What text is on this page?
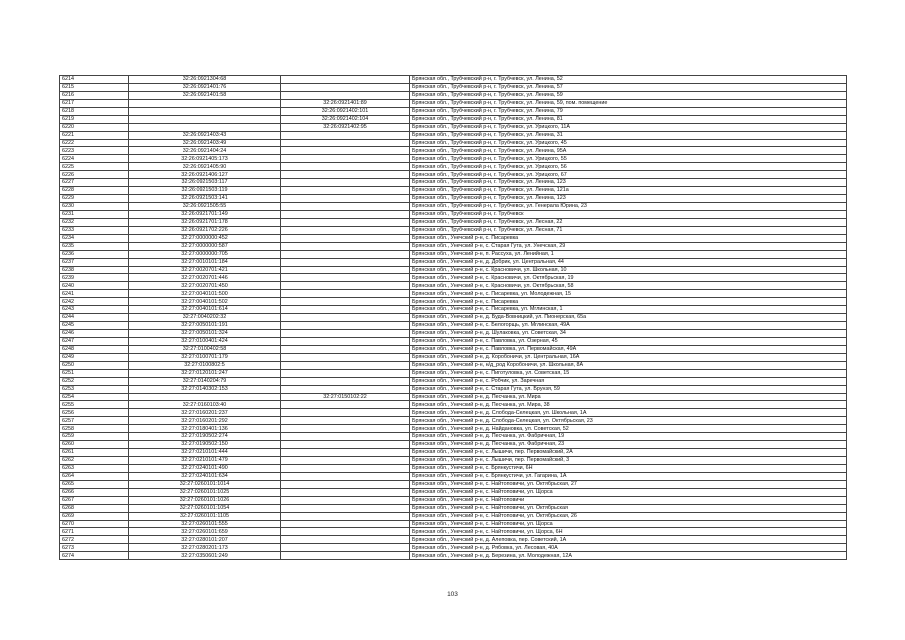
6214	32:26:0921304:68		Брянская обл., Трубчевский р-н, г. Трубчевск, ул. Ленина, 52
6215	32:26:0921401:76		Брянская обл., Трубчевский р-н, г. Трубчевск, ул. Ленина, 57
6216	32:26:0921401:58		Брянская обл., Трубчевский р-н, г. Трубчевск, ул. Ленина, 59
6217		32:26:0921401:89	Брянская обл., Трубчевский р-н, г. Трубчевск, ул. Ленина, 59, пом. помещение
6218		32:26:0921402:101	Брянская обл., Трубчевский р-н, г. Трубчевск, ул. Ленина, 79
6219		32:26:0921402:104	Брянская обл., Трубчевский р-н, г. Трубчевск, ул. Ленина, 81
6220		32:26:0921402:95	Брянская обл., Трубчевский р-н, г. Трубчевск, ул. Урицкого, 11А
6221	32:26:0921403:43		Брянская обл., Трубчевский р-н, г. Трубчевск, ул. Ленина, 31
6222	32:26:0921403:49		Брянская обл., Трубчевский р-н, г. Трубчевск, ул. Урицкого, 45
6223	32:26:0921404:24		Брянская обл., Трубчевский р-н, г. Трубчевск, ул. Ленина, 95А
6224	32:26:0921405:173		Брянская обл., Трубчевский р-н, г. Трубчевск, ул. Урицкого, 55
6225	32:26:0921405:90		Брянская обл., Трубчевский р-н, г. Трубчевск, ул. Урицкого, 56
6226	32:26:0921406:127		Брянская обл., Трубчевский р-н, г. Трубчевск, ул. Урицкого, 67
6227	32:26:0921503:117		Брянская обл., Трубчевский р-н, г. Трубчевск, ул. Ленина, 123
6228	32:26:0921503:119		Брянская обл., Трубчевский р-н, г. Трубчевск, ул. Ленина, 121а
6229	32:26:0921503:141		Брянская обл., Трубчевский р-н, г. Трубчевск, ул. Ленина, 123
6230	32:26:0921505:55		Брянская обл., Трубчевский р-н, г. Трубчевск, ул. Генерала Юрина, 23
6231	32:26:0921701:149		Брянская обл., Трубчевский р-н, г. Трубчевск
6232	32:26:0921701:178		Брянская обл., Трубчевский р-н, г. Трубчевск, ул. Лесная, 22
6233	32:26:0921702:226		Брянская обл., Трубчевский р-н, г. Трубчевск, ул. Лесная, 71
6234	32:27:0000000:452		Брянская обл., Унечский р-н, с. Писаревка
6235	32:27:0000000:587		Брянская обл., Унечский р-н, с. Старая Гута, ул. Унечская, 29
6236	32:27:0000000:705		Брянская обл., Унечский р-н, п. Рассуха, ул. Ленийная, 1
6237	32:27:0010101:184		Брянская обл., Унечский р-н, д. Добрик, ул. Центральная, 44
6238	32:27:0020701:421		Брянская обл., Унечский р-н, с. Красновичи, ул. Школьная, 10
6239	32:27:0020701:446		Брянская обл., Унечский р-н, с. Красновичи, ул. Октябрьская, 19
6240	32:27:0020701:450		Брянская обл., Унечский р-н, с. Красновичи, ул. Октябрьская, 58
6241	32:27:0040101:500		Брянская обл., Унечский р-н, с. Писаревка, ул. Молодежная, 15
6242	32:27:0040101:502		Брянская обл., Унечский р-н, с. Писаревка
6243	32:27:0040101:614		Брянская обл., Унечский р-н, с. Писаревка, ул. Мглинская, 1
6244	32:27:0040202:32		Брянская обл., Унечский р-н, д. Буда-Вовницкий, ул. Пионерская, 65а
6245	32:27:0050101:191		Брянская обл., Унечский р-н, с. Белогорщь, ул. Мглинская, 49А
6246	32:27:0050101:324		Брянская обл., Унечский р-н, д. Шулаковка, ул. Советская, 34
6247	32:27:0100401:424		Брянская обл., Унечский р-н, с. Павловка, ул. Озерная, 45
6248	32:27:0100402:58		Брянская обл., Унечский р-н, с. Павловка, ул. Первомайская, 49А
6249	32:27:0100701:179		Брянская обл., Унечский р-н, д. Коробоничи, ул. Центральная, 16А
6250	32:27:0100802:5		Брянская обл., Унечский р-н, н/д_род Коробоничи, ул. Школьная, 8А
6251	32:27:0120101:247		Брянская обл., Унечский р-н, с. Пиготуловка, ул. Советская, 15
6252	32:27:0140204:79		Брянская обл., Унечский р-н, с. Робчик, ул. Заречная
6253	32:27:0140302:153		Брянская обл., Унечский р-н, с. Старая Гута, ул. Брунзя, 59
6254		32:27:0150102:22	Брянская обл., Унечский р-н, д. Песчанка, ул. Мира
6255	32:27:0160103:40		Брянская обл., Унечский р-н, д. Песчанка, ул. Мира, 38
6256	32:27:0160201:237		Брянская обл., Унечский р-н, д. Слобода-Селецкая, ул. Школьная, 1А
6257	32:27:0160201:292		Брянская обл., Унечский р-н, д. Слобода-Селецкая, ул. Октябрьская, 23
6258	32:27:0180401:136		Брянская обл., Унечский р-н, д. Найдановка, ул. Советская, 52
6259	32:27:0190502:274		Брянская обл., Унечский р-н, д. Песчанка, ул. Фабричная, 19
6260	32:27:0190502:150		Брянская обл., Унечский р-н, д. Песчанка, ул. Фабричная, 23
6261	32:27:0210101:444		Брянская обл., Унечский р-н, с. Лышичи, пер. Первомайский, 2А
6262	32:27:0210101:479		Брянская обл., Унечский р-н, с. Лышичи, пер. Первомайский, 3
6263	32:27:0240101:490		Брянская обл., Унечский р-н, с. Брянкустичи, 6Н
6264	32:27:0240101:634		Брянская обл., Унечский р-н, с. Брянкустичи, ул. Гагарина, 1А
6265	32:27:0260101:1014		Брянская обл., Унечский р-н, с. Найтоповичи, ул. Октябрьская, 27
6266	32:27:0260101:1025		Брянская обл., Унечский р-н, с. Найтоповичи, ул. Щорса
6267	32:27:0260101:1026		Брянская обл., Унечский р-н, с. Найтоповичи
6268	32:27:0260101:1054		Брянская обл., Унечский р-н, с. Найтоповичи, ул. Октябрьская
6269	32:27:0260101:1105		Брянская обл., Унечский р-н, с. Найтоповичи, ул. Октябрьская, 26
6270	32:27:0260101:555		Брянская обл., Унечский р-н, с. Найтоповичи, ул. Щорса
6271	32:27:0260101:659		Брянская обл., Унечский р-н, с. Найтоповичи, ул. Щорса, 6Н
6272	32:27:0280101:207		Брянская обл., Унечский р-н, д. Алеповка, пер. Советский, 1А
6273	32:27:0280201:173		Брянская обл., Унечский р-н, д. Рябовка, ул. Лесовая, 40А
6274	32:27:0350601:249		Брянская обл., Унечский р-н, д. Березина, ул. Молодежная, 12А
103
